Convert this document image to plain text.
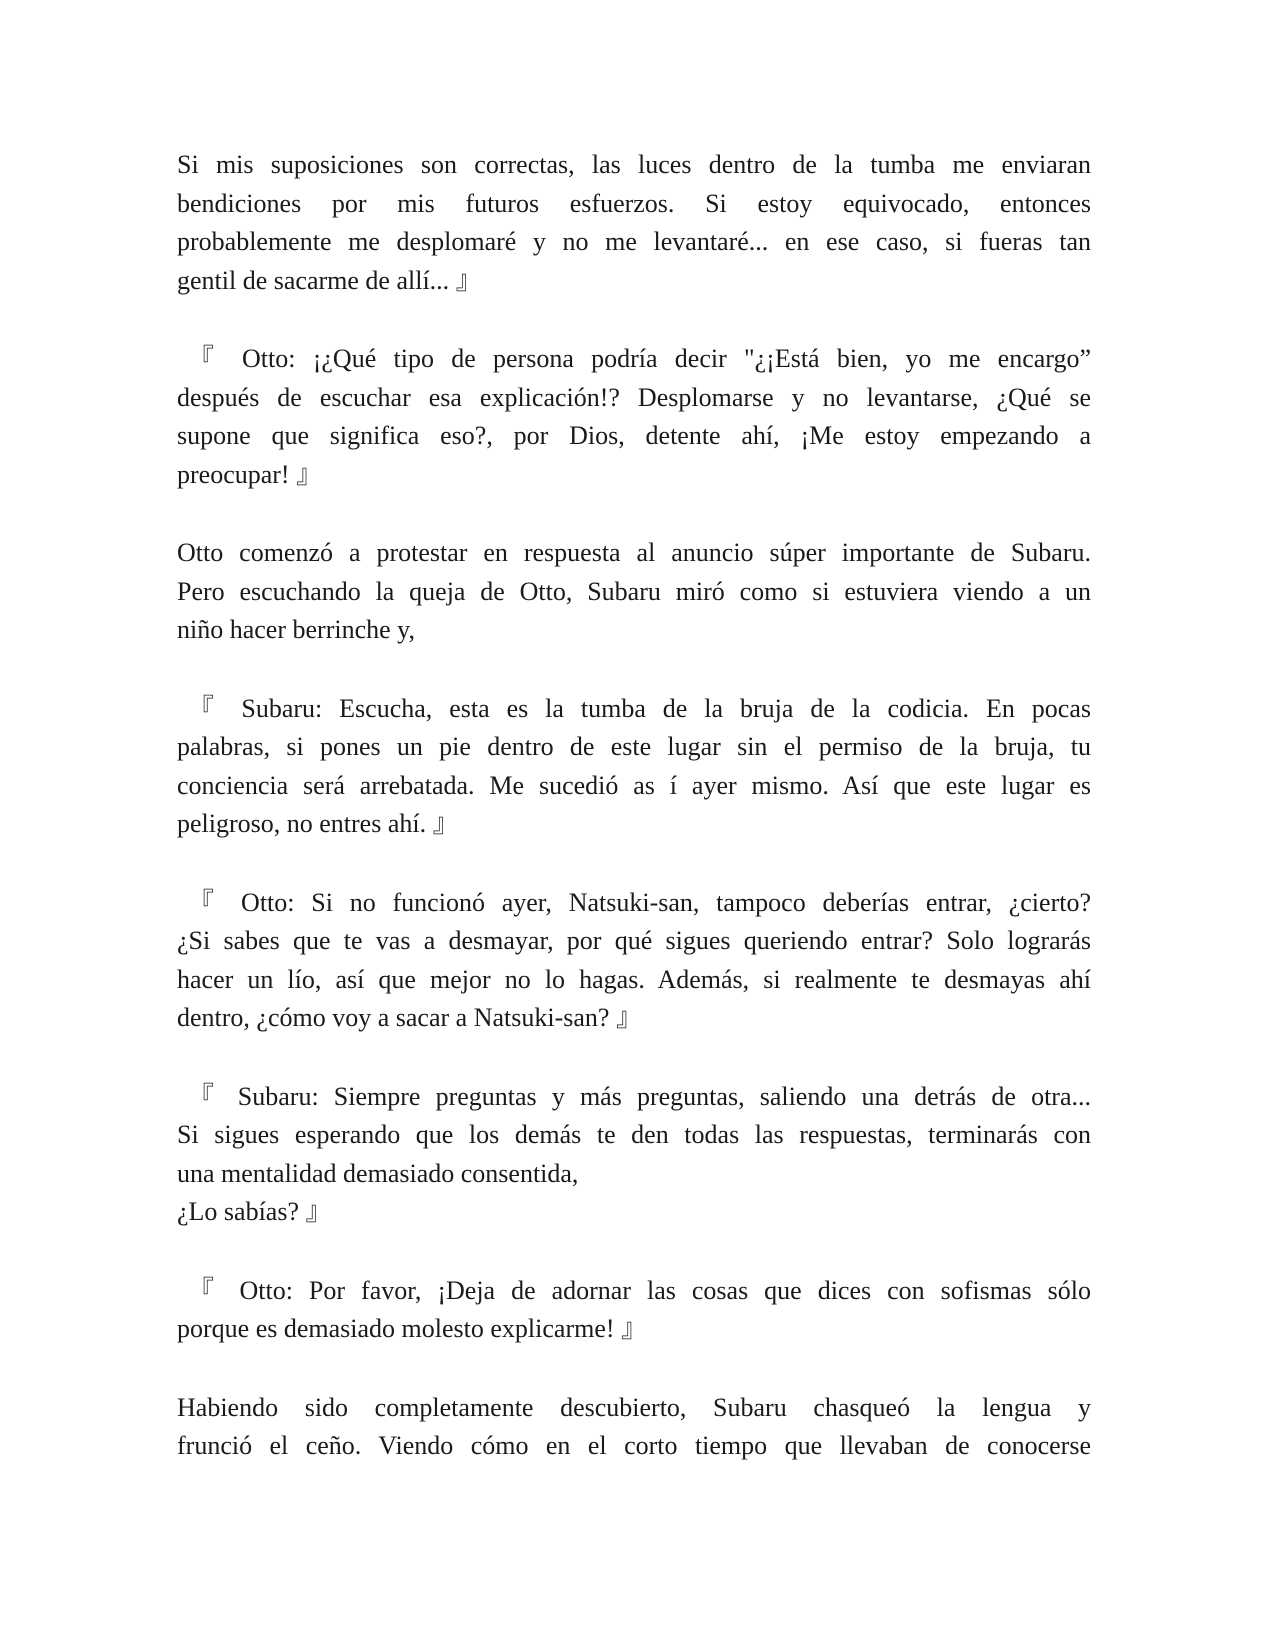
Si mis suposiciones son correctas, las luces dentro de la tumba me enviaran
bendiciones por mis futuros esfuerzos. Si estoy equivocado, entonces
probablemente me desplomaré y no me levantaré... en ese caso, si fueras tan
gentil de sacarme de allí... 』

『 Otto: ¡¿Qué tipo de persona podría decir "¿¡Está bien, yo me encargo”
después de escuchar esa explicación!? Desplomarse y no levantarse, ¿Qué se
supone que significa eso?, por Dios, detente ahí, ¡Me estoy empezando a
preocupar! 』

Otto comenzó a protestar en respuesta al anuncio súper importante de Subaru.
Pero escuchando la queja de Otto, Subaru miró como si estuviera viendo a un
niño hacer berrinche y,

『 Subaru: Escucha, esta es la tumba de la bruja de la codicia. En pocas
palabras, si pones un pie dentro de este lugar sin el permiso de la bruja, tu
conciencia será arrebatada. Me sucedió as í ayer mismo. Así que este lugar es
peligroso, no entres ahí. 』

『 Otto: Si no funcionó ayer, Natsuki-san, tampoco deberías entrar, ¿cierto?
¿Si sabes que te vas a desmayar, por qué sigues queriendo entrar? Solo lograrás
hacer un lío, así que mejor no lo hagas. Además, si realmente te desmayas ahí
dentro, ¿cómo voy a sacar a Natsuki-san? 』

『 Subaru: Siempre preguntas y más preguntas, saliendo una detrás de otra...
Si sigues esperando que los demás te den todas las respuestas, terminarás con
una mentalidad demasiado consentida,
¿Lo sabías? 』

『 Otto: Por favor, ¡Deja de adornar las cosas que dices con sofismas sólo
porque es demasiado molesto explicarme! 』

Habiendo sido completamente descubierto, Subaru chasqueó la lengua y
frunció el ceño. Viendo cómo en el corto tiempo que llevaban de conocerse
